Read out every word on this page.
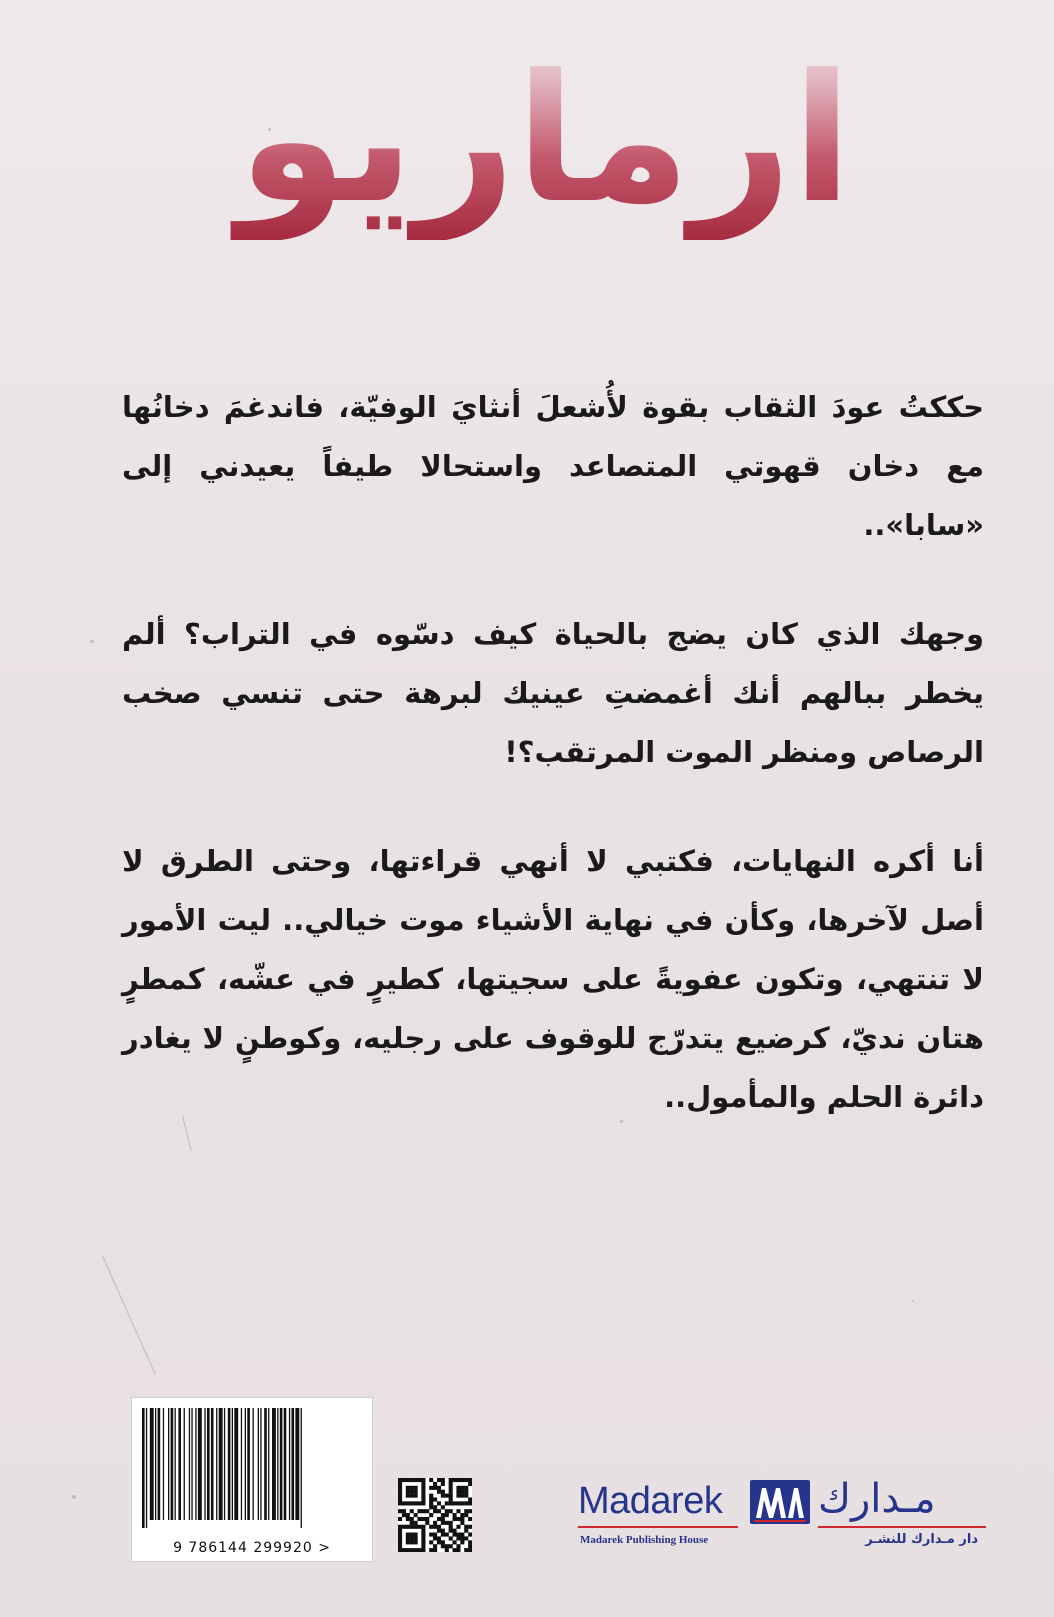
ارماريو

حككتُ عودَ الثقاب بقوة لأُشعلَ أنثايَ الوفيّة، فاندغمَ دخانُها مع دخان قهوتي المتصاعد واستحالا طيفاً يعيدني إلى «سابا»..

وجهك الذي كان يضج بالحياة كيف دسّوه في التراب؟ ألم يخطر ببالهم أنك أغمضتِ عينيك لبرهة حتى تنسي صخب الرصاص ومنظر الموت المرتقب؟!

أنا أكره النهايات، فكتبي لا أنهي قراءتها، وحتى الطرق لا أصل لآخرها، وكأن في نهاية الأشياء موت خيالي.. ليت الأمور لا تنتهي، وتكون عفويةً على سجيتها، كطيرٍ في عشّه، كمطرٍ هتان نديّ، كرضيع يتدرّج للوقوف على رجليه، وكوطنٍ لا يغادر دائرة الحلم والمأمول..

9 786144 299920 >
Madarek
Madarek Publishing House
مـدارك
دار مـدارك للنشـر
